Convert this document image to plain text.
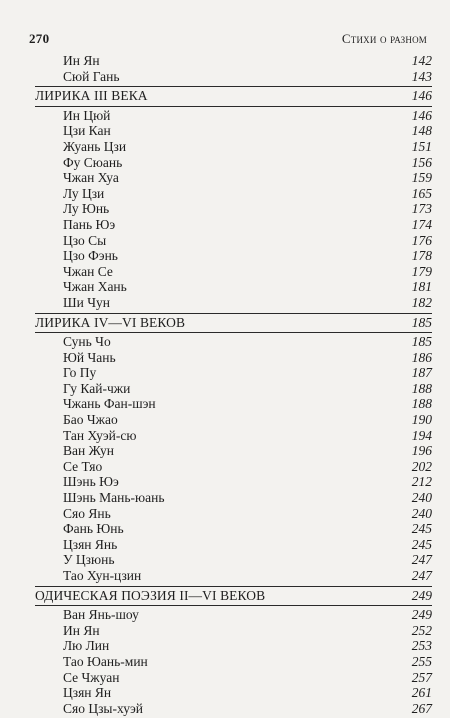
270	Стихи о разном
Ин Ян	142
Сюй Гань	143
ЛИРИКА III ВЕКА	146
Ин Цюй	146
Цзи Кан	148
Жуань Цзи	151
Фу Сюань	156
Чжан Хуа	159
Лу Цзи	165
Лу Юнь	173
Пань Юэ	174
Цзо Сы	176
Цзо Фэнь	178
Чжан Се	179
Чжан Хань	181
Ши Чун	182
ЛИРИКА IV—VI ВЕКОВ	185
Сунь Чо	185
Юй Чань	186
Го Пу	187
Гу Кай-чжи	188
Чжань Фан-шэн	188
Бао Чжао	190
Тан Хуэй-сю	194
Ван Жун	196
Се Тяо	202
Шэнь Юэ	212
Шэнь Мань-юань	240
Сяо Янь	240
Фань Юнь	245
Цзян Янь	245
У Цзюнь	247
Тао Хун-цзин	247
ОДИЧЕСКАЯ ПОЭЗИЯ II—VI ВЕКОВ	249
Ван Янь-шоу	249
Ин Ян	252
Лю Лин	253
Тао Юань-мин	255
Се Чжуан	257
Цзян Ян	261
Сяо Цзы-хуэй	267
